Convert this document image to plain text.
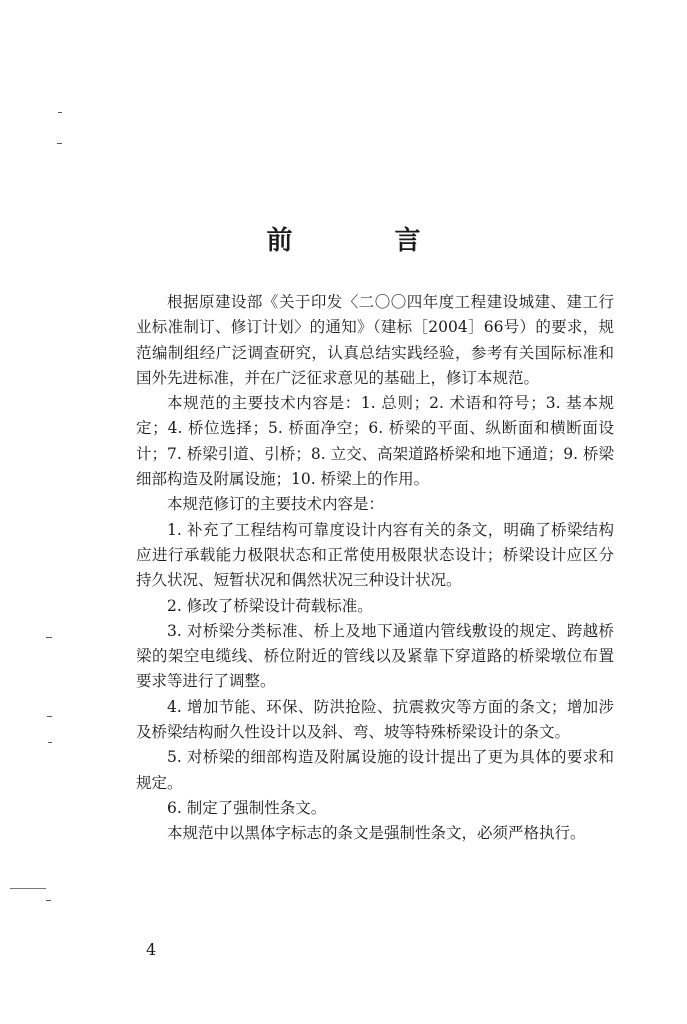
前　言

根据原建设部《关于印发〈二〇〇四年度工程建设城建、建工行业标准制订、修订计划〉的通知》（建标［2004］66号）的要求，规范编制组经广泛调查研究，认真总结实践经验，参考有关国际标准和国外先进标准，并在广泛征求意见的基础上，修订本规范。

本规范的主要技术内容是：1. 总则；2. 术语和符号；3. 基本规定；4. 桥位选择；5. 桥面净空；6. 桥梁的平面、纵断面和横断面设计；7. 桥梁引道、引桥；8. 立交、高架道路桥梁和地下通道；9. 桥梁细部构造及附属设施；10. 桥梁上的作用。

本规范修订的主要技术内容是：

1. 补充了工程结构可靠度设计内容有关的条文，明确了桥梁结构应进行承载能力极限状态和正常使用极限状态设计；桥梁设计应区分持久状况、短暂状况和偶然状况三种设计状况。

2. 修改了桥梁设计荷载标准。

3. 对桥梁分类标准、桥上及地下通道内管线敷设的规定、跨越桥梁的架空电缆线、桥位附近的管线以及紧靠下穿道路的桥梁墩位布置要求等进行了调整。

4. 增加节能、环保、防洪抢险、抗震救灾等方面的条文；增加涉及桥梁结构耐久性设计以及斜、弯、坡等特殊桥梁设计的条文。

5. 对桥梁的细部构造及附属设施的设计提出了更为具体的要求和规定。

6. 制定了强制性条文。

本规范中以黑体字标志的条文是强制性条文，必须严格执行。

4
